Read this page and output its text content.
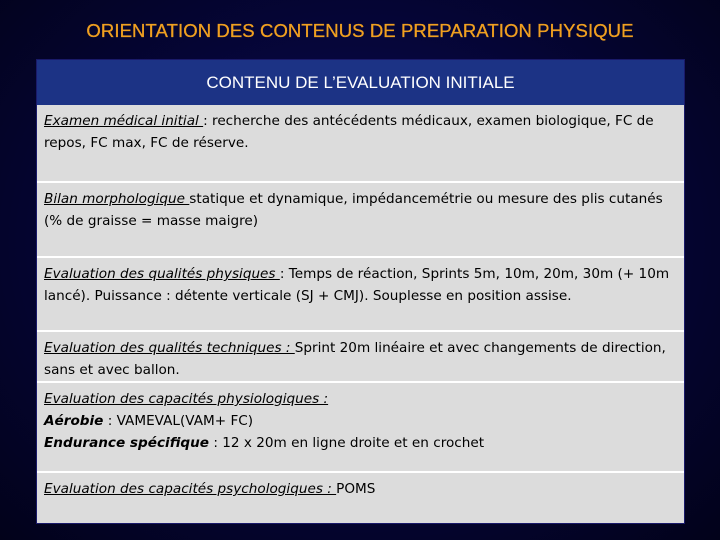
ORIENTATION DES CONTENUS DE PREPARATION PHYSIQUE
CONTENU DE L’EVALUATION INITIALE
Examen médical initial : recherche des antécédents médicaux, examen biologique, FC de repos, FC max, FC de réserve.
Bilan morphologique statique et dynamique, impédancemétrie ou mesure des plis cutanés (% de graisse = masse maigre)
Evaluation des qualités physiques : Temps de réaction, Sprints 5m, 10m, 20m, 30m (+ 10m lancé). Puissance : détente verticale (SJ + CMJ). Souplesse en position assise.
Evaluation des qualités techniques : Sprint 20m linéaire et avec changements de direction, sans et avec ballon.
Evaluation des capacités physiologiques :
Aérobie : VAMEVAL(VAM+ FC)
Endurance spécifique : 12 x 20m en ligne droite et en crochet
Evaluation des capacités psychologiques : POMS
